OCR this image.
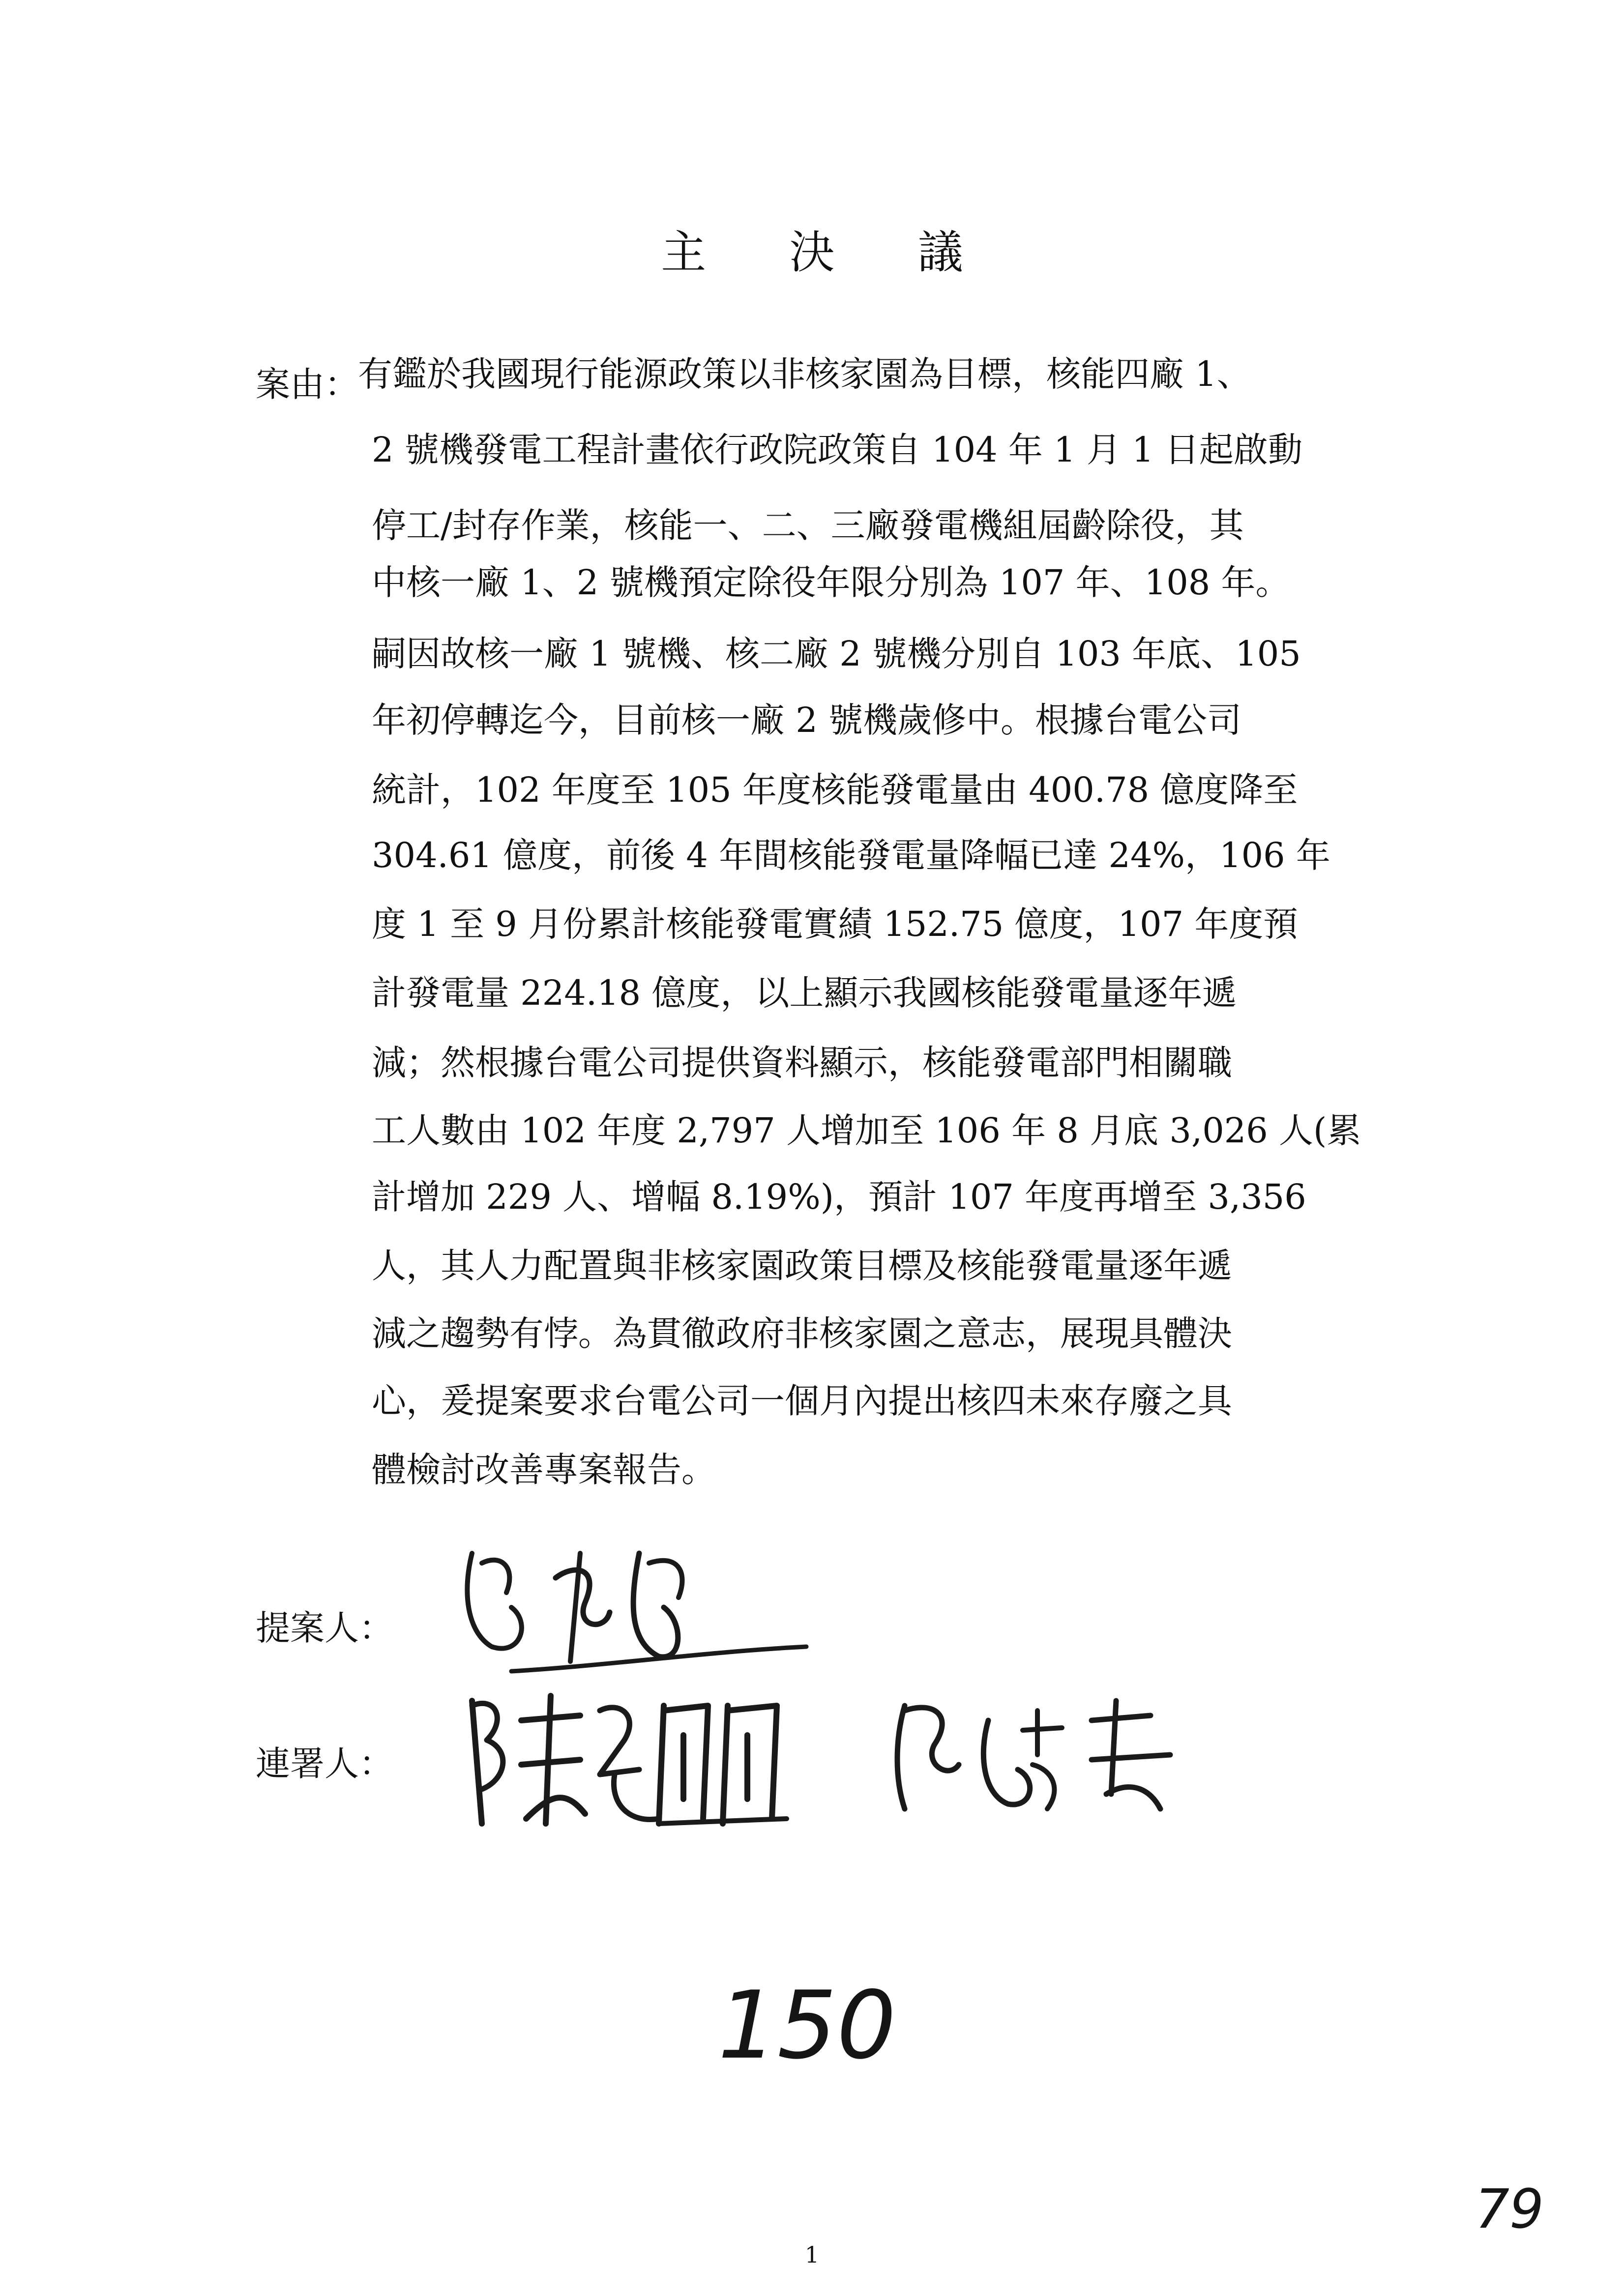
主 決 議
案由：
有鑑於我國現行能源政策以非核家園為目標，核能四廠 1、
2 號機發電工程計畫依行政院政策自 104 年 1 月 1 日起啟動
停工/封存作業，核能一、二、三廠發電機組屆齡除役，其
中核一廠 1、2 號機預定除役年限分別為 107 年、108 年。
嗣因故核一廠 1 號機、核二廠 2 號機分別自 103 年底、105
年初停轉迄今，目前核一廠 2 號機歲修中。根據台電公司
統計，102 年度至 105 年度核能發電量由 400.78 億度降至
304.61 億度，前後 4 年間核能發電量降幅已達 24%，106 年
度 1 至 9 月份累計核能發電實績 152.75 億度，107 年度預
計發電量 224.18 億度，以上顯示我國核能發電量逐年遞
減；然根據台電公司提供資料顯示，核能發電部門相關職
工人數由 102 年度 2,797 人增加至 106 年 8 月底 3,026 人(累
計增加 229 人、增幅 8.19%)，預計 107 年度再增至 3,356
人，其人力配置與非核家園政策目標及核能發電量逐年遞
減之趨勢有悖。為貫徹政府非核家園之意志，展現具體決
心，爰提案要求台電公司一個月內提出核四未來存廢之具
體檢討改善專案報告。
提案人：
連署人：
150
79
1
